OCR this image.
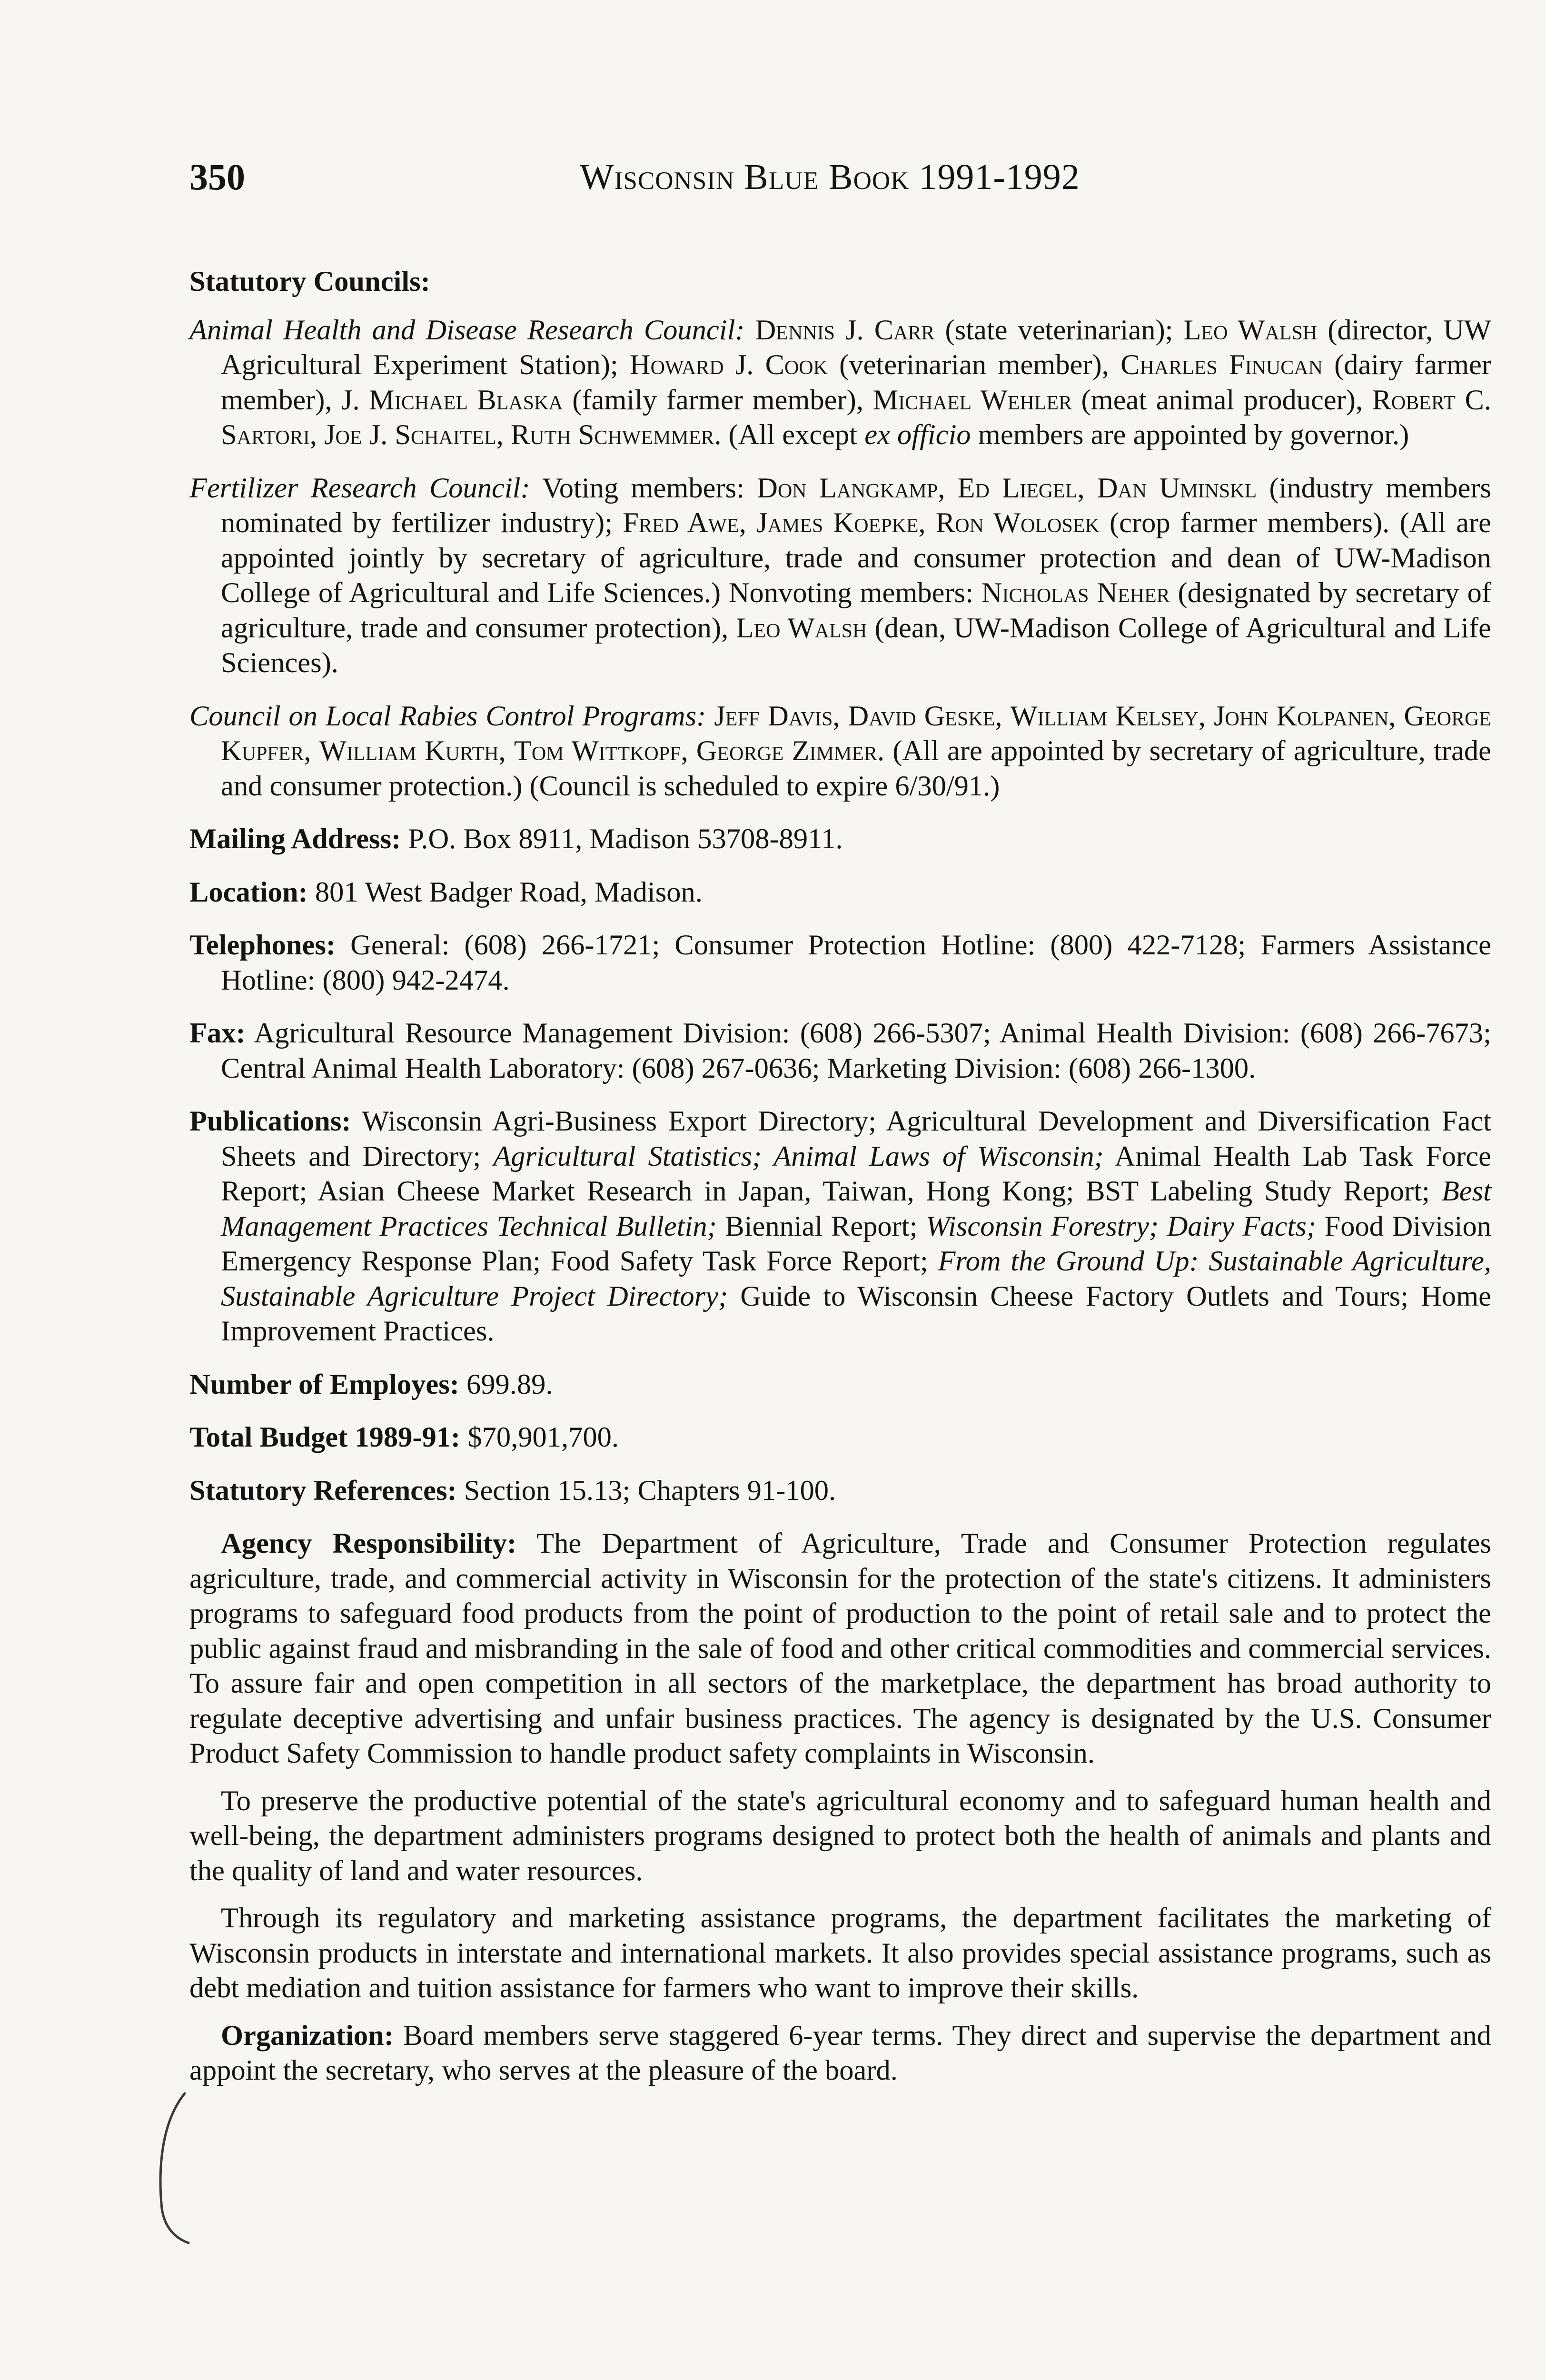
350	Wisconsin Blue Book 1991-1992
Statutory Councils:

Animal Health and Disease Research Council: Dennis J. Carr (state veterinarian); Leo Walsh (director, UW Agricultural Experiment Station); Howard J. Cook (veterinarian member), Charles Finucan (dairy farmer member), J. Michael Blaska (family farmer member), Michael Wehler (meat animal producer), Robert C. Sartori, Joe J. Schaitel, Ruth Schwemmer. (All except ex officio members are appointed by governor.)

Fertilizer Research Council: Voting members: Don Langkamp, Ed Liegel, Dan Uminskl (industry members nominated by fertilizer industry); Fred Awe, James Koepke, Ron Wolosek (crop farmer members). (All are appointed jointly by secretary of agriculture, trade and consumer protection and dean of UW-Madison College of Agricultural and Life Sciences.) Nonvoting members: Nicholas Neher (designated by secretary of agriculture, trade and consumer protection), Leo Walsh (dean, UW-Madison College of Agricultural and Life Sciences).

Council on Local Rabies Control Programs: Jeff Davis, David Geske, William Kelsey, John Kolpanen, George Kupfer, William Kurth, Tom Wittkopf, George Zimmer. (All are appointed by secretary of agriculture, trade and consumer protection.) (Council is scheduled to expire 6/30/91.)

Mailing Address: P.O. Box 8911, Madison 53708-8911.

Location: 801 West Badger Road, Madison.

Telephones: General: (608) 266-1721; Consumer Protection Hotline: (800) 422-7128; Farmers Assistance Hotline: (800) 942-2474.

Fax: Agricultural Resource Management Division: (608) 266-5307; Animal Health Division: (608) 266-7673; Central Animal Health Laboratory: (608) 267-0636; Marketing Division: (608) 266-1300.

Publications: Wisconsin Agri-Business Export Directory; Agricultural Development and Diversification Fact Sheets and Directory; Agricultural Statistics; Animal Laws of Wisconsin; Animal Health Lab Task Force Report; Asian Cheese Market Research in Japan, Taiwan, Hong Kong; BST Labeling Study Report; Best Management Practices Technical Bulletin; Biennial Report; Wisconsin Forestry; Dairy Facts; Food Division Emergency Response Plan; Food Safety Task Force Report; From the Ground Up: Sustainable Agriculture, Sustainable Agriculture Project Directory; Guide to Wisconsin Cheese Factory Outlets and Tours; Home Improvement Practices.

Number of Employes: 699.89.

Total Budget 1989-91: $70,901,700.

Statutory References: Section 15.13; Chapters 91-100.

Agency Responsibility: The Department of Agriculture, Trade and Consumer Protection regulates agriculture, trade, and commercial activity in Wisconsin for the protection of the state's citizens. It administers programs to safeguard food products from the point of production to the point of retail sale and to protect the public against fraud and misbranding in the sale of food and other critical commodities and commercial services. To assure fair and open competition in all sectors of the marketplace, the department has broad authority to regulate deceptive advertising and unfair business practices. The agency is designated by the U.S. Consumer Product Safety Commission to handle product safety complaints in Wisconsin.

To preserve the productive potential of the state's agricultural economy and to safeguard human health and well-being, the department administers programs designed to protect both the health of animals and plants and the quality of land and water resources.

Through its regulatory and marketing assistance programs, the department facilitates the marketing of Wisconsin products in interstate and international markets. It also provides special assistance programs, such as debt mediation and tuition assistance for farmers who want to improve their skills.

Organization: Board members serve staggered 6-year terms. They direct and supervise the department and appoint the secretary, who serves at the pleasure of the board.
